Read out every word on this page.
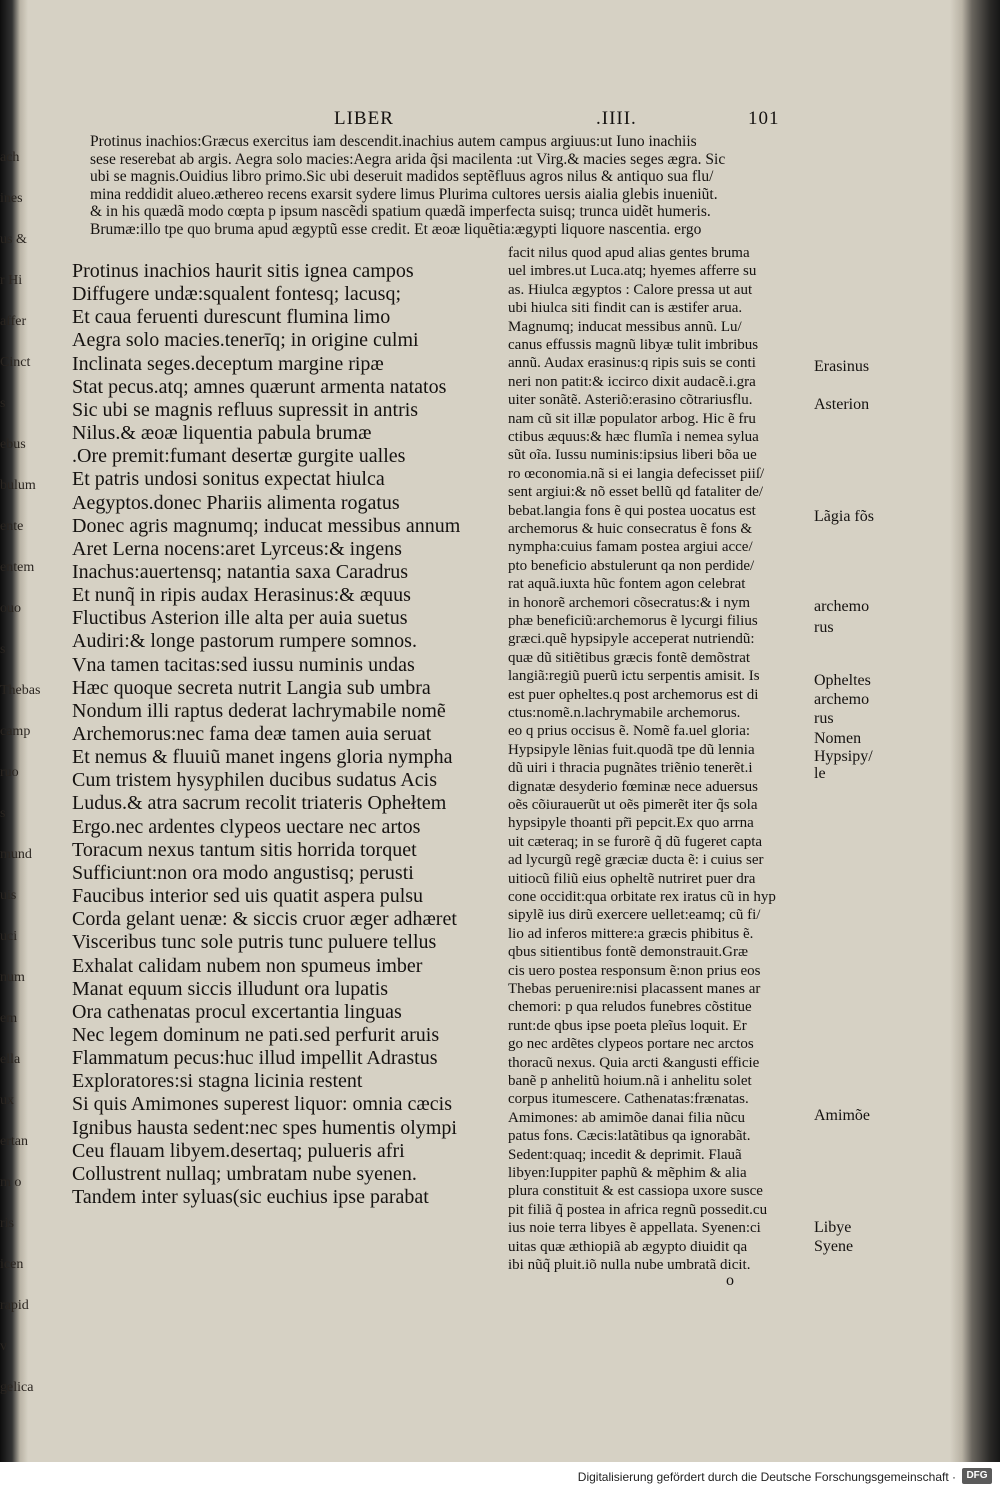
ach
ines
us &
r Hi
affer
Cinct
s
ebus
bulum
ente
entem
ouo
s
Thebas
camp
ruo
s
mund
uis
uci
num
em
ella
ux
ertan
m o
ris
icen
rapid
v
gelica
LIBER	.IIII.	101
Protinus inachios:Græcus exercitus iam descendit.inachius autem campus argiuus:ut Iuno inachiis
sese reserebat ab argis. Aegra solo macies:Aegra arida q̃si macilenta :ut Virg.& macies seges ægra. Sic
ubi se magnis.Ouidius libro primo.Sic ubi deseruit madidos septẽfluus agros nilus & antiquo sua flu/
mina reddidit alueo.æthereo recens exarsit sydere limus Plurima cultores uersis aialia glebis inueniũt.
& in his quædã modo cœpta p ipsum nascẽdi spatium quædã imperfecta suisq; trunca uidẽt humeris.
Brumæ:illo tpe quo bruma apud ægyptũ esse credit. Et æoæ liquẽtia:ægypti liquore nascentia. ergo
Protinus inachios haurit sitis ignea campos
Diffugere undæ:squalent fontesq; lacusq;
Et caua feruenti durescunt flumina limo
Aegra solo macies.tenerīq; in origine culmi
Inclinata seges.deceptum margine ripæ
Stat pecus.atq; amnes quærunt armenta natatos
Sic ubi se magnis refluus supressit in antris
Nilus.& æoæ liquentia pabula brumæ
.Ore premit:fumant desertæ gurgite ualles
Et patris undosi sonitus expectat hiulca
Aegyptos.donec Phariis alimenta rogatus
Donec agris magnumq; inducat messibus annum
Aret Lerna nocens:aret Lyrceus:& ingens
Inachus:auertensq; natantia saxa Caradrus
Et nunq̃ in ripis audax Herasinus:& æquus
Fluctibus Asterion ille alta per auia suetus
Audiri:& longe pastorum rumpere somnos.
Vna tamen tacitas:sed iussu numinis undas
Hæc quoque secreta nutrit Langia sub umbra
Nondum illi raptus dederat lachrymabile nomẽ
Archemorus:nec fama deæ tamen auia seruat
Et nemus & fluuiũ manet ingens gloria nympha
Cum tristem hysyphilen ducibus sudatus Acis
Ludus.& atra sacrum recolit triateris Ophełtem
Ergo.nec ardentes clypeos uectare nec artos
Toracum nexus tantum sitis horrida torquet
Sufficiunt:non ora modo angustisq; perusti
Faucibus interior sed uis quatit aspera pulsu
Corda gelant uenæ: & siccis cruor æger adhæret
Visceribus tunc sole putris tunc puluere tellus
Exhalat calidam nubem non spumeus imber
Manat equum siccis illudunt ora lupatis
Ora cathenatas procul excertantia linguas
Nec legem dominum ne pati.sed perfurit aruis
Flammatum pecus:huc illud impellit Adrastus
Exploratores:si stagna licinia restent
Si quis Amimones superest liquor: omnia cæcis
Ignibus hausta sedent:nec spes humentis olympi
Ceu flauam libyem.desertaq; pulueris afri
Collustrent nullaq; umbratam nube syenen.
Tandem inter syluas(sic euchius ipse parabat
facit nilus quod apud alias gentes bruma
uel imbres.ut Luca.atq; hyemes afferre su
as. Hiulca ægyptos : Calore pressa ut aut
ubi hiulca siti findit can is æstifer arua.
Magnumq; inducat messibus annũ. Lu/
canus effussis magnũ libyæ tulit imbribus
annũ. Audax erasinus:q ripis suis se conti
neri non patit:& iccirco dixit audacẽ.i.gra
uiter sonãtẽ. Asteriõ:erasino cõtrariusflu.
nam cũ sit illæ populator arbog. Hic ẽ fru
ctibus æquus:& hæc flumĩa i nemea sylua
sũt oĩa. Iussu numinis:ipsius liberi bõa ue
ro œconomia.nã si ei langia defecisset piiſ/
sent argiui:& nõ esset bellũ qd fataliter de/
bebat.langia fons ẽ qui postea uocatus est
archemorus & huic consecratus ẽ fons &
nympha:cuius famam postea argiui acce/
pto beneficio abstulerunt qa non perdide/
rat aquã.iuxta hũc fontem agon celebrat
in honorẽ archemori cõsecratus:& i nym
phæ beneficiũ:archemorus ẽ lycurgi filius
græci.quẽ hypsipyle acceperat nutriendũ:
quæ dũ sitiẽtibus græcis fontẽ demõstrat
langiã:regiũ puerũ ictu serpentis amisit. Is
est puer opheltes.q post archemorus est di
ctus:nomẽ.n.lachrymabile archemorus.
eo q prius occisus ẽ. Nomẽ fa.uel gloria:
Hypsipyle lẽnias fuit.quodã tpe dũ lennia
dũ uiri i thracia pugnãtes triẽnio tenerẽt.i
dignatæ desyderio fœminæ nece aduersus
oẽs cõiurauerũt ut oẽs pimerẽt iter q̃s sola
hypsipyle thoanti pr̃i pepcit.Ex quo arrna
uit cæteraq; in se furorẽ q̃ dũ fugeret capta
ad lycurgũ regẽ græciæ ducta ẽ: i cuius ser
uitiocũ filiũ eius opheltẽ nutriret puer dra
cone occidit:qua orbitate rex iratus cũ in hyp
sipylẽ ius dirũ exercere uellet:eamq; cũ fi/
lio ad inferos mittere:a græcis phibitus ẽ.
qbus sitientibus fontẽ demonstrauit.Græ
cis uero postea responsum ẽ:non prius eos
Thebas peruenire:nisi placassent manes ar
chemori: p qua reludos funebres cõstitue
runt:de qbus ipse poeta pleĩus loquit. Er
go nec ardẽtes clypeos portare nec arctos
thoracũ nexus. Quia arcti &angusti efficie
banẽ p anhelitũ hoium.nã i anhelitu solet
corpus itumescere. Cathenatas:frænatas.
Amimones: ab amimõe danai filia nũcu
patus fons. Cæcis:latãtibus qa ignorabãt.
Sedent:quaq; incedit & deprimit. Flauã
libyen:Iuppiter paphũ & mẽphim & alia
plura constituit & est cassiopa uxore susce
pit filiã q̃ postea in africa regnũ possedit.cu
ius noie terra libyes ẽ appellata. Syenen:ci
uitas quæ æthiopiã ab ægypto diuidit qa
ibi nũq̃ pluit.iõ nulla nube umbratã dicit.
Erasinus
Asterion
Lãgia fõs
archemo
rus
Opheltes
archemo
rus
Nomen
Hypsipy/
le
Amimõe
Libye
Syene
o
Digitalisierung gefördert durch die Deutsche Forschungsgemeinschaft ·	DFG
